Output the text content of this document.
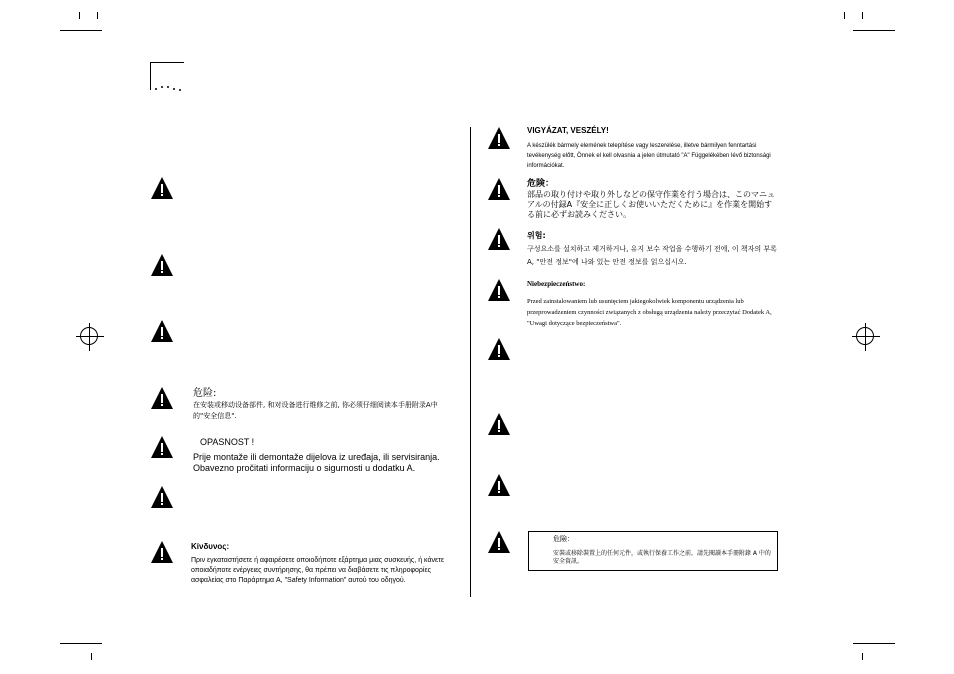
危险:
在安装或移动设备部件, 和对设备进行维修之前, 你必须仔细阅读本手册附录A中的"安全信息".
OPASNOST !
Prije montaže ili demontaže dijelova iz uređaja, ili servisiranja. Obavezno pročitati informaciju o sigurnosti u dodatku A.
Κίνδυνος:
Πριν εγκαταστήσετε ή αφαιρέσετε οποιοδήποτε εξάρτημα μιας συσκευής, ή κάνετε οποιαδήποτε ενέργειες συντήρησης, θα πρέπει να διαβάσετε τις πληροφορίες ασφαλείας στο Παράρτημα A, "Safety Information" αυτού του οδηγού.
VIGYÁZAT, VESZÉLY!
A készülék bármely elemének telepítése vagy leszerelése, illetve bármilyen fenntartási tevékenység előtt, Önnek el kell olvasnia a jelen útmutató "A" Függelékében lévő biztonsági információkat.
危険：
部品の取り付けや取り外しなどの保守作業を行う場合は、このマニュアルの付録A『安全に正しくお使いいただくために』を作業を開始する前に必ずお読みください。
위험:
구성요소를 설치하고 제거하거나, 유지 보수 작업을 수행하기 전에, 이 책자의 부록 A, "안전 정보"에 나와 있는 안전 정보를 읽으십시오.
Niebezpieczeństwo:
Przed zainstalowaniem lub usunięciem jakiegokolwiek komponentu urządzenia lub przeprowadzeniem czynności związanych z obsługą urządzenia należy przeczytać Dodatek A, "Uwagi dotyczące bezpieczeństwa".
危險：
安裝或移除裝置上的任何元件，或執行保養工作之前，請先閱讀本手冊附錄 A 中的安全資訊。
